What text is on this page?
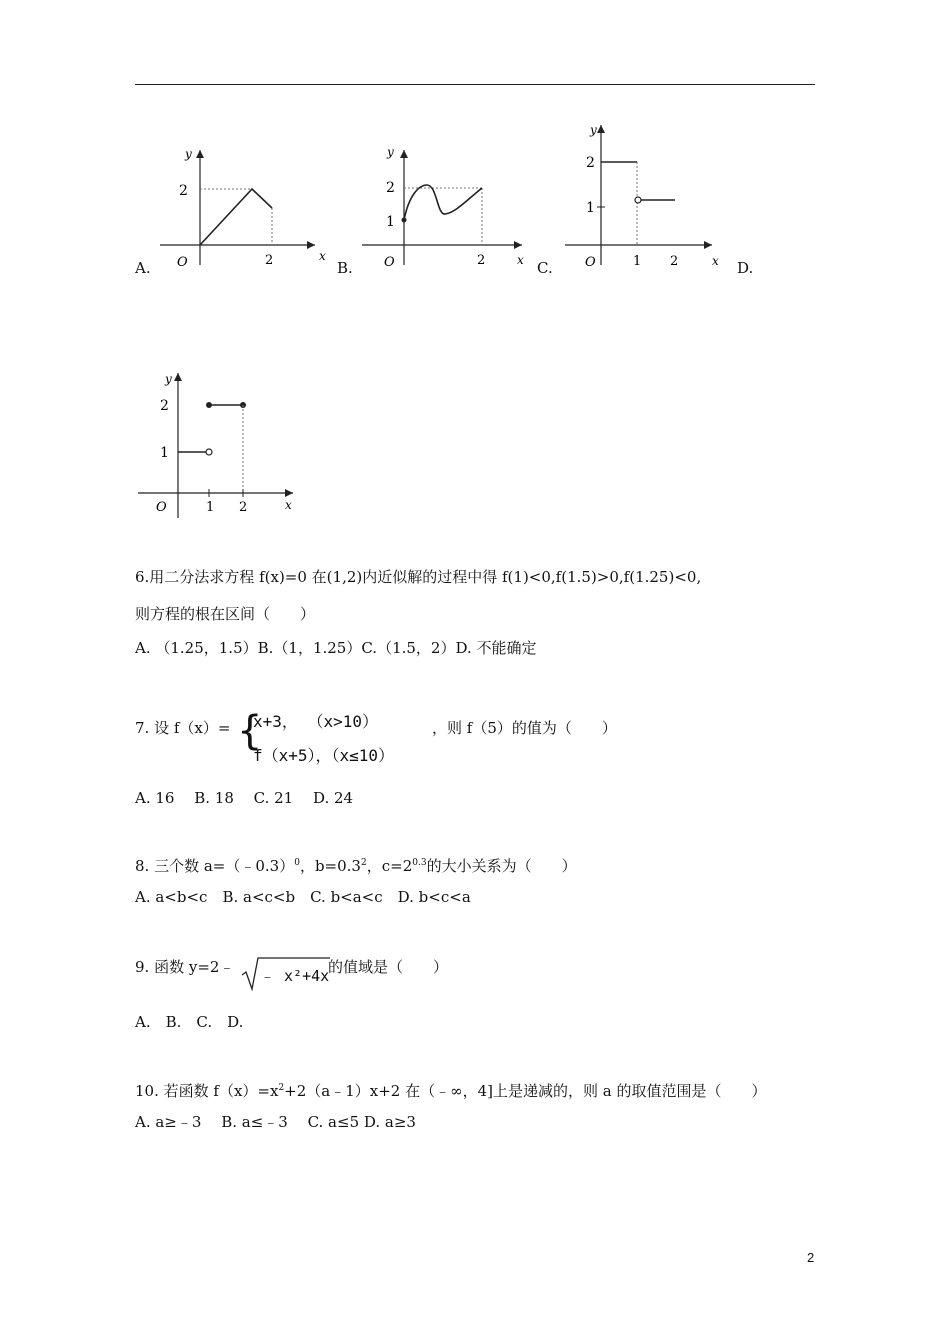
A.
y
2
O	2	x
B.
y
2
1
O	2	x C.
y
2
1
O	1 2	x D.
y
2
1
O	1 2	x
6.用二分法求方程 f(x)=0 在(1,2)内近似解的过程中得 f(1)<0,f(1.5)>0,f(1.25)<0,
则方程的根在区间（　　）
A. （1.25，1.5）B.（1，1.25）C.（1.5，2）D. 不能确定
7. 设 f（x）= {
x+3， （x>10）
f（x+5），（x≤10）
，则 f（5）的值为（　　）
A. 16　 B. 18　 C. 21　 D. 24
8. 三个数 a=（﹣0.3）$^0$，$b=0.3^2$，$c=2^{0.3}$的大小关系为（　　）
A. a<b<c　B. a<c<b　C. b<a<c　D. b<c<a
9. 函数 y=2﹣ ﹣ x²+4x
的值域是（　　）
A.　B.　C.　D.
10. 若函数 $f(x)=x^2+2(a﹣1)x+2$ 在（﹣∞，4]上是递减的，则 a 的取值范围是（　　）
A. a≥﹣3　 B. a≤﹣3　 C. a≤5 D. a≥3
2
